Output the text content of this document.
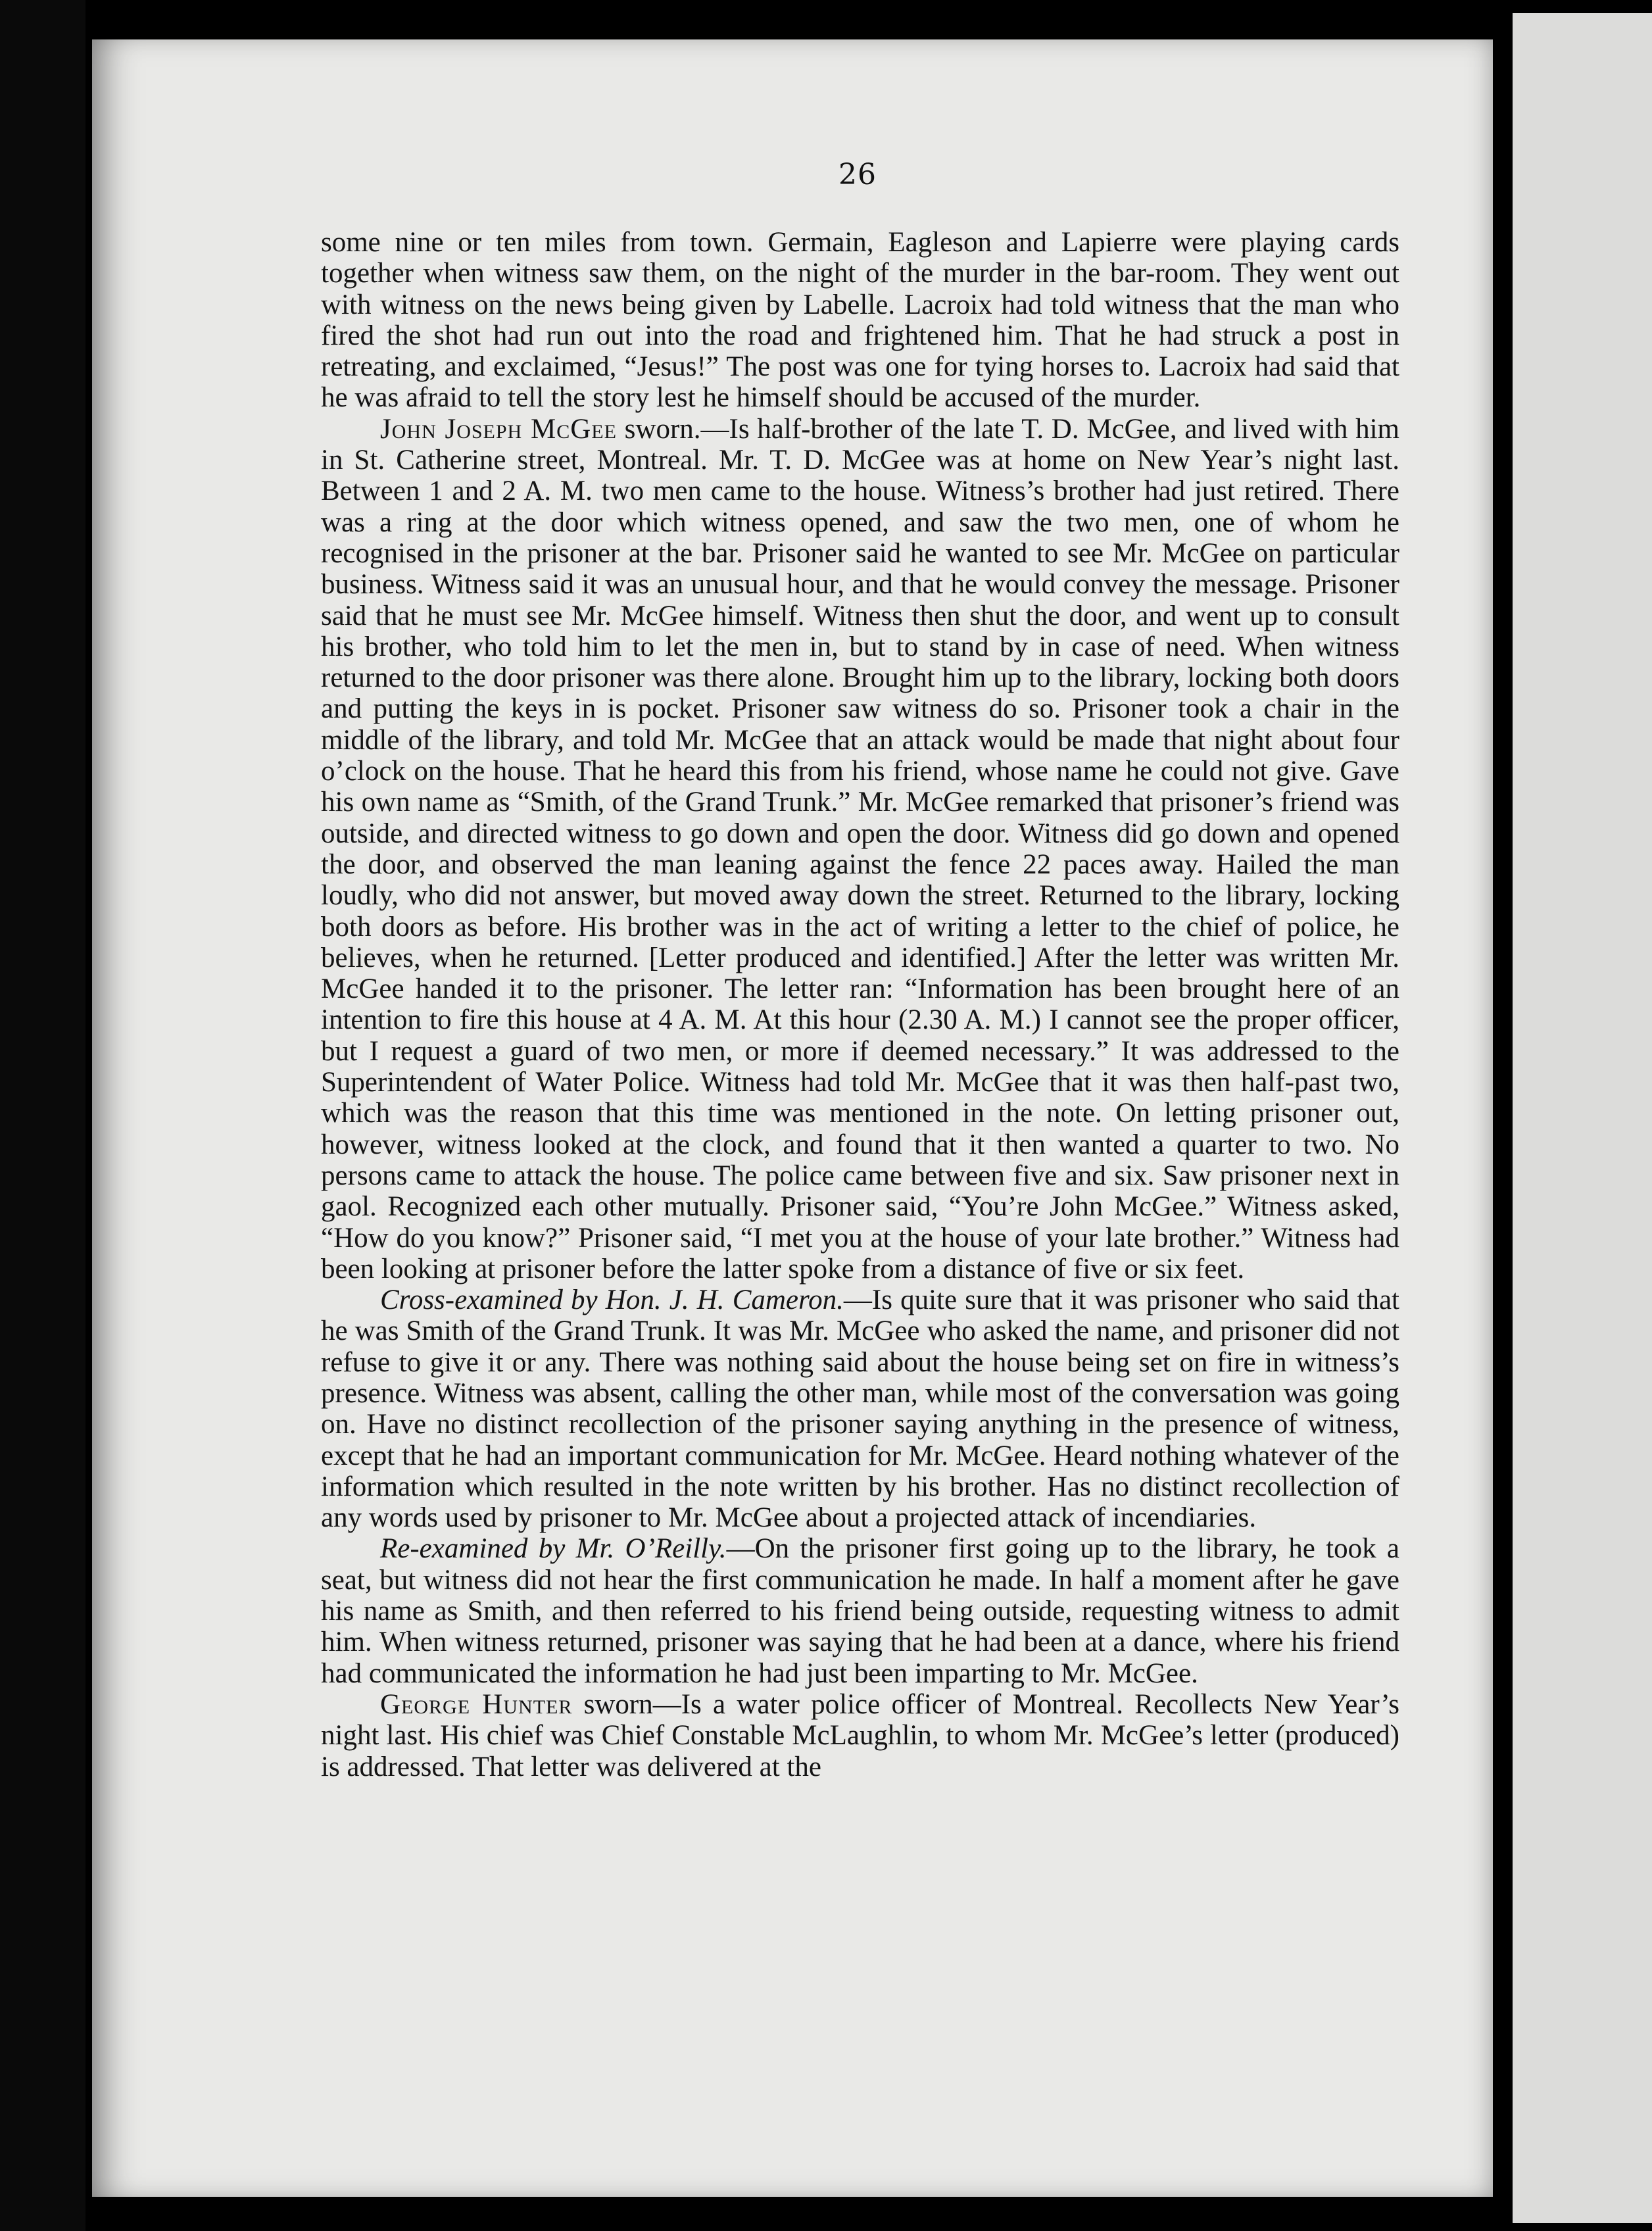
26

some nine or ten miles from town. Germain, Eagleson and Lapierre were playing cards together when witness saw them, on the night of the murder in the bar-room. They went out with witness on the news being given by Labelle. Lacroix had told witness that the man who fired the shot had run out into the road and frightened him. That he had struck a post in retreating, and exclaimed, “Jesus!” The post was one for tying horses to. Lacroix had said that he was afraid to tell the story lest he himself should be accused of the murder.

John Joseph McGee sworn.—Is half-brother of the late T. D. McGee, and lived with him in St. Catherine street, Montreal. Mr. T. D. McGee was at home on New Year’s night last. Between 1 and 2 A. M. two men came to the house. Witness’s brother had just retired. There was a ring at the door which witness opened, and saw the two men, one of whom he recognised in the prisoner at the bar. Prisoner said he wanted to see Mr. McGee on particular business. Witness said it was an unusual hour, and that he would convey the message. Prisoner said that he must see Mr. McGee himself. Witness then shut the door, and went up to consult his brother, who told him to let the men in, but to stand by in case of need. When witness returned to the door prisoner was there alone. Brought him up to the library, locking both doors and putting the keys in is pocket. Prisoner saw witness do so. Prisoner took a chair in the middle of the library, and told Mr. McGee that an attack would be made that night about four o’clock on the house. That he heard this from his friend, whose name he could not give. Gave his own name as “Smith, of the Grand Trunk.” Mr. McGee remarked that prisoner’s friend was outside, and directed witness to go down and open the door. Witness did go down and opened the door, and observed the man leaning against the fence 22 paces away. Hailed the man loudly, who did not answer, but moved away down the street. Returned to the library, locking both doors as before. His brother was in the act of writing a letter to the chief of police, he believes, when he returned. [Letter produced and identified.] After the letter was written Mr. McGee handed it to the prisoner. The letter ran: “Information has been brought here of an intention to fire this house at 4 A. M. At this hour (2.30 A. M.) I cannot see the proper officer, but I request a guard of two men, or more if deemed necessary.” It was addressed to the Superintendent of Water Police. Witness had told Mr. McGee that it was then half-past two, which was the reason that this time was mentioned in the note. On letting prisoner out, however, witness looked at the clock, and found that it then wanted a quarter to two. No persons came to attack the house. The police came between five and six. Saw prisoner next in gaol. Recognized each other mutually. Prisoner said, “You’re John McGee.” Witness asked, “How do you know?” Prisoner said, “I met you at the house of your late brother.” Witness had been looking at prisoner before the latter spoke from a distance of five or six feet.

Cross-examined by Hon. J. H. Cameron.—Is quite sure that it was prisoner who said that he was Smith of the Grand Trunk. It was Mr. McGee who asked the name, and prisoner did not refuse to give it or any. There was nothing said about the house being set on fire in witness’s presence. Witness was absent, calling the other man, while most of the conversation was going on. Have no distinct recollection of the prisoner saying anything in the presence of witness, except that he had an important communication for Mr. McGee. Heard nothing whatever of the information which resulted in the note written by his brother. Has no distinct recollection of any words used by prisoner to Mr. McGee about a projected attack of incendiaries.

Re-examined by Mr. O’Reilly.—On the prisoner first going up to the library, he took a seat, but witness did not hear the first communication he made. In half a moment after he gave his name as Smith, and then referred to his friend being outside, requesting witness to admit him. When witness returned, prisoner was saying that he had been at a dance, where his friend had communicated the information he had just been imparting to Mr. McGee.

George Hunter sworn—Is a water police officer of Montreal. Recollects New Year’s night last. His chief was Chief Constable McLaughlin, to whom Mr. McGee’s letter (produced) is addressed. That letter was delivered at the
